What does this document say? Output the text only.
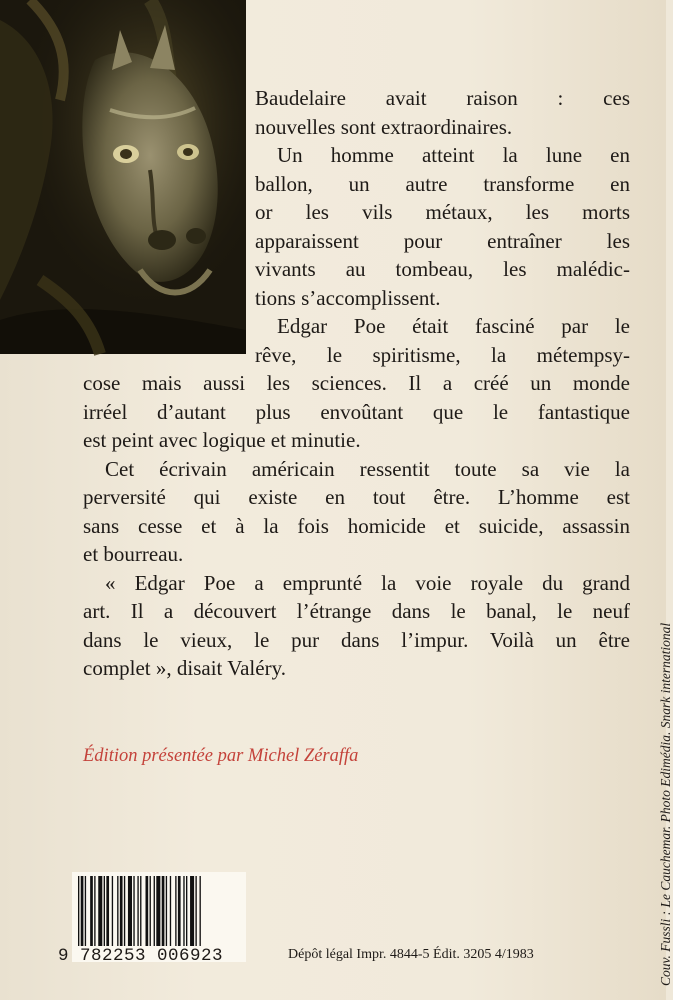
Baudelaire avait raison : ces
nouvelles sont extraordinaires.
Un homme atteint la lune en
ballon, un autre transforme en
or les vils métaux, les morts
apparaissent pour entraîner les
vivants au tombeau, les malédic-
tions s’accomplissent.
Edgar Poe était fasciné par le
rêve, le spiritisme, la métempsy-
cose mais aussi les sciences. Il a créé un monde
irréel d’autant plus envoûtant que le fantastique
est peint avec logique et minutie.
Cet écrivain américain ressentit toute sa vie la
perversité qui existe en tout être. L’homme est
sans cesse et à la fois homicide et suicide, assassin
et bourreau.
« Edgar Poe a emprunté la voie royale du grand
art. Il a découvert l’étrange dans le banal, le neuf
dans le vieux, le pur dans l’impur. Voilà un être
complet », disait Valéry.
Édition présentée par Michel Zéraffa
9 782253 006923	Dépôt légal Impr. 4844-5 Édit. 3205 4/1983	Couv. Fussli : Le Cauchemar. Photo Edimédia. Snark international
